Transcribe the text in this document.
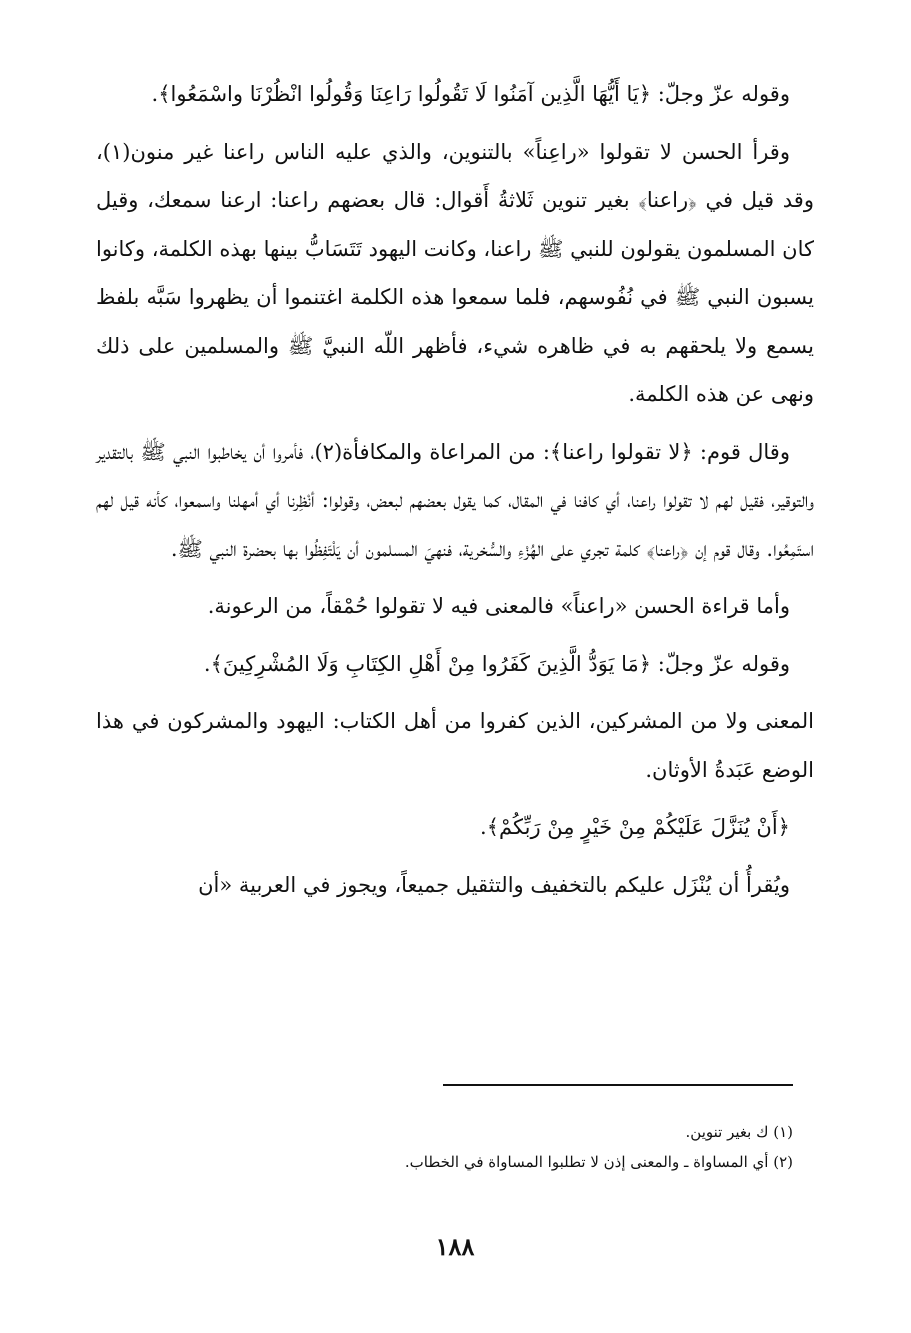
وقوله عزّ وجلّ: ﴿يَا أَيُّهَا الَّذِين آمَنُوا لَا تَقُولُوا رَاعِنَا وَقُولُوا انْظُرْنَا واسْمَعُوا﴾.

وقرأ الحسن لا تقولوا «راعِناً» بالتنوين، والذي عليه الناس راعنا غير منون(١)، وقد قيل في ﴿راعنا﴾ بغير تنوين ثَلاثةُ أَقوال: قال بعضهم راعنا: ارعنا سمعك، وقيل كان المسلمون يقولون للنبي ﷺ راعنا، وكانت اليهود تَتَسَابُّ بينها بهذه الكلمة، وكانوا يسبون النبي ﷺ في نُفُوسهم، فلما سمعوا هذه الكلمة اغتنموا أن يظهروا سَبَّه بلفظ يسمع ولا يلحقهم به في ظاهره شيء، فأظهر اللّه النبيَّ ﷺ والمسلمين على ذلك ونهى عن هذه الكلمة.

وقال قوم: ﴿لا تقولوا راعنا﴾: من المراعاة والمكافأة(٢)، فأمروا أن يخاطبوا النبي ﷺ بالتقدير والتوقير، فقيل لهم لا تقولوا راعنا، أي كافنا في المقال، كما يقول بعضهم لبعض، وقولوا: أنْظِرنا أي أمهلنا واسمعوا، كأنه قيل لهم استَمِعُوا. وقال قوم إن ﴿راعنا﴾ كلمة تجري على الهُزْءِ والسُّخرية، فنهيَ المسلمون أن يَلْتَفِظُوا بها بحضرة النبي ﷺ.

وأما قراءة الحسن «راعناً» فالمعنى فيه لا تقولوا حُمْقاً، من الرعونة.

وقوله عزّ وجلّ: ﴿مَا يَوَدُّ الَّذِينَ كَفَرُوا مِنْ أَهْلِ الكِتَابِ وَلَا المُشْرِكِينَ﴾.

المعنى ولا من المشركين، الذين كفروا من أهل الكتاب: اليهود والمشركون في هذا الوضع عَبَدةُ الأوثان.

﴿أَنْ يُنَزَّلَ عَلَيْكُمْ مِنْ خَيْرٍ مِنْ رَبِّكُمْ﴾.

ويُقرأُ أن يُنْزَل عليكم بالتخفيف والتثقيل جميعاً، ويجوز في العربية «أن

(١) ك بغير تنوين.

(٢) أي المساواة ـ والمعنى إذن لا تطلبوا المساواة في الخطاب.

١٨٨
